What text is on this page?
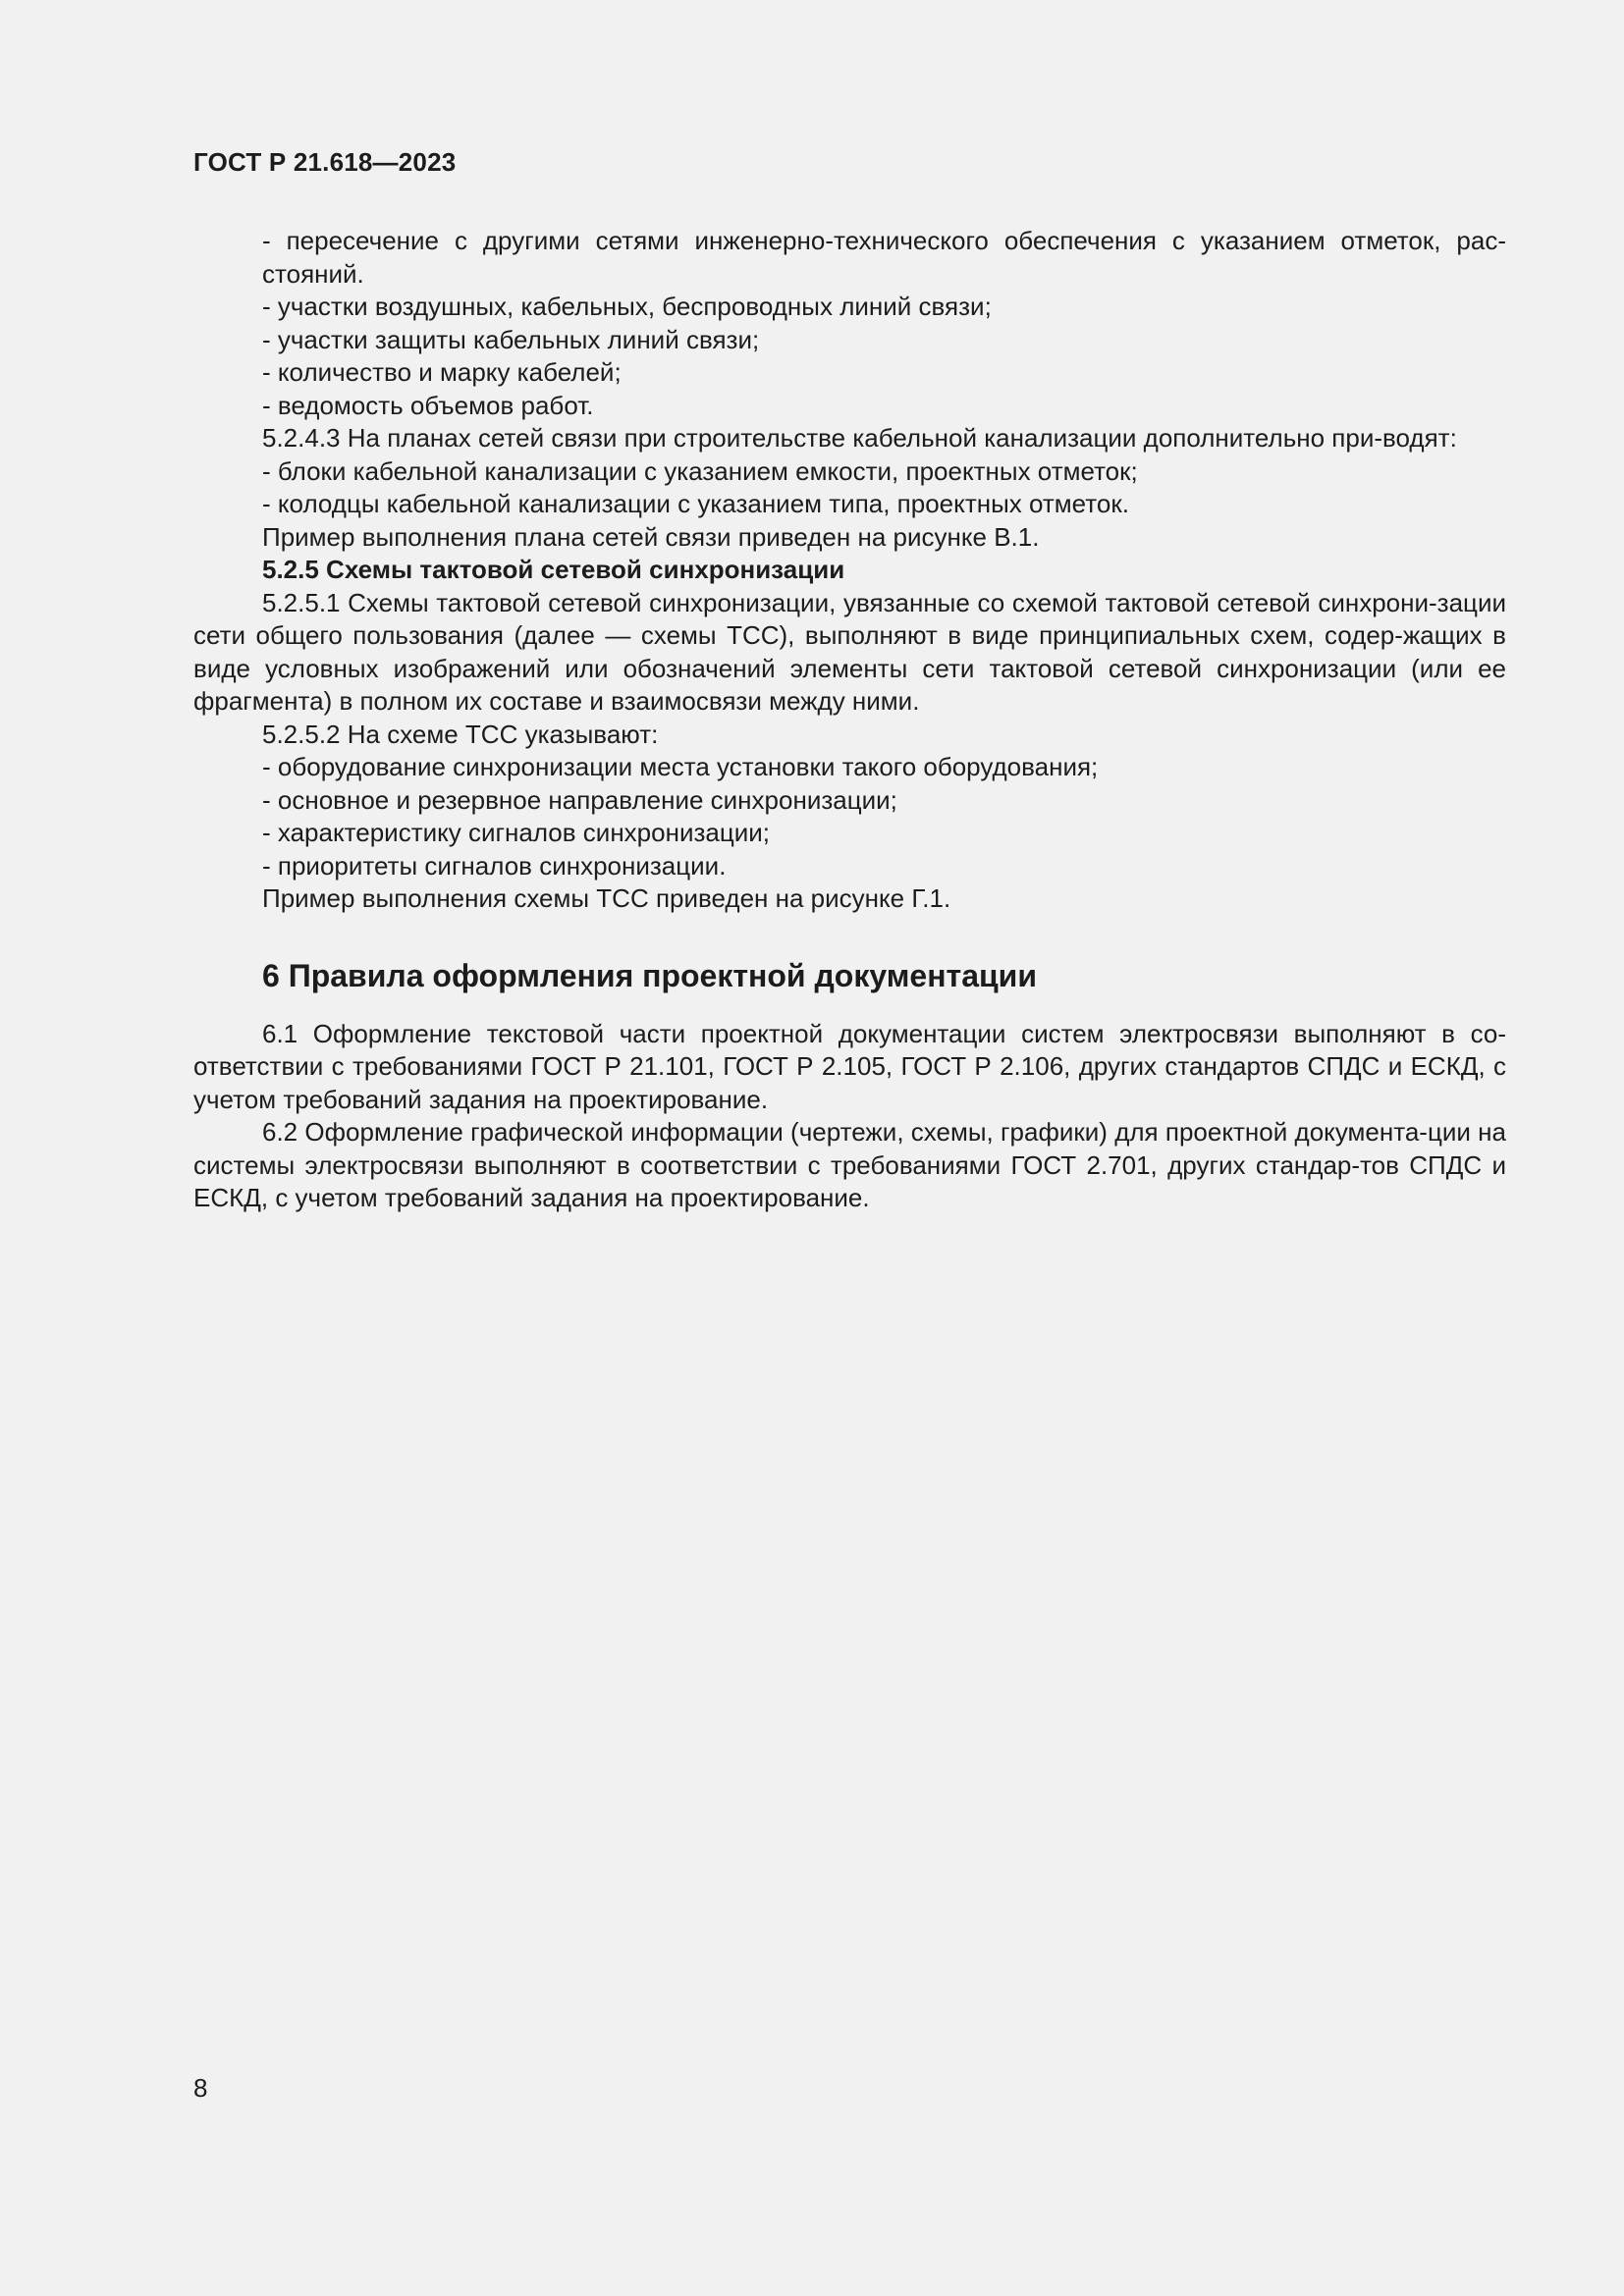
ГОСТ Р 21.618—2023

- пересечение с другими сетями инженерно-технического обеспечения с указанием отметок, рас-стояний.

- участки воздушных, кабельных, беспроводных линий связи;

- участки защиты кабельных линий связи;

- количество и марку кабелей;

- ведомость объемов работ.

5.2.4.3 На планах сетей связи при строительстве кабельной канализации дополнительно при-водят:

- блоки кабельной канализации с указанием емкости, проектных отметок;

- колодцы кабельной канализации с указанием типа, проектных отметок.

Пример выполнения плана сетей связи приведен на рисунке В.1.

5.2.5 Схемы тактовой сетевой синхронизации

5.2.5.1 Схемы тактовой сетевой синхронизации, увязанные со схемой тактовой сетевой синхрони-зации сети общего пользования (далее — схемы ТСС), выполняют в виде принципиальных схем, содер-жащих в виде условных изображений или обозначений элементы сети тактовой сетевой синхронизации (или ее фрагмента) в полном их составе и взаимосвязи между ними.

5.2.5.2 На схеме ТСС указывают:

- оборудование синхронизации места установки такого оборудования;

- основное и резервное направление синхронизации;

- характеристику сигналов синхронизации;

- приоритеты сигналов синхронизации.

Пример выполнения схемы ТСС приведен на рисунке Г.1.

6 Правила оформления проектной документации

6.1 Оформление текстовой части проектной документации систем электросвязи выполняют в со-ответствии с требованиями ГОСТ Р 21.101, ГОСТ Р 2.105, ГОСТ Р 2.106, других стандартов СПДС и ЕСКД, с учетом требований задания на проектирование.

6.2 Оформление графической информации (чертежи, схемы, графики) для проектной документа-ции на системы электросвязи выполняют в соответствии с требованиями ГОСТ 2.701, других стандар-тов СПДС и ЕСКД, с учетом требований задания на проектирование.

8
